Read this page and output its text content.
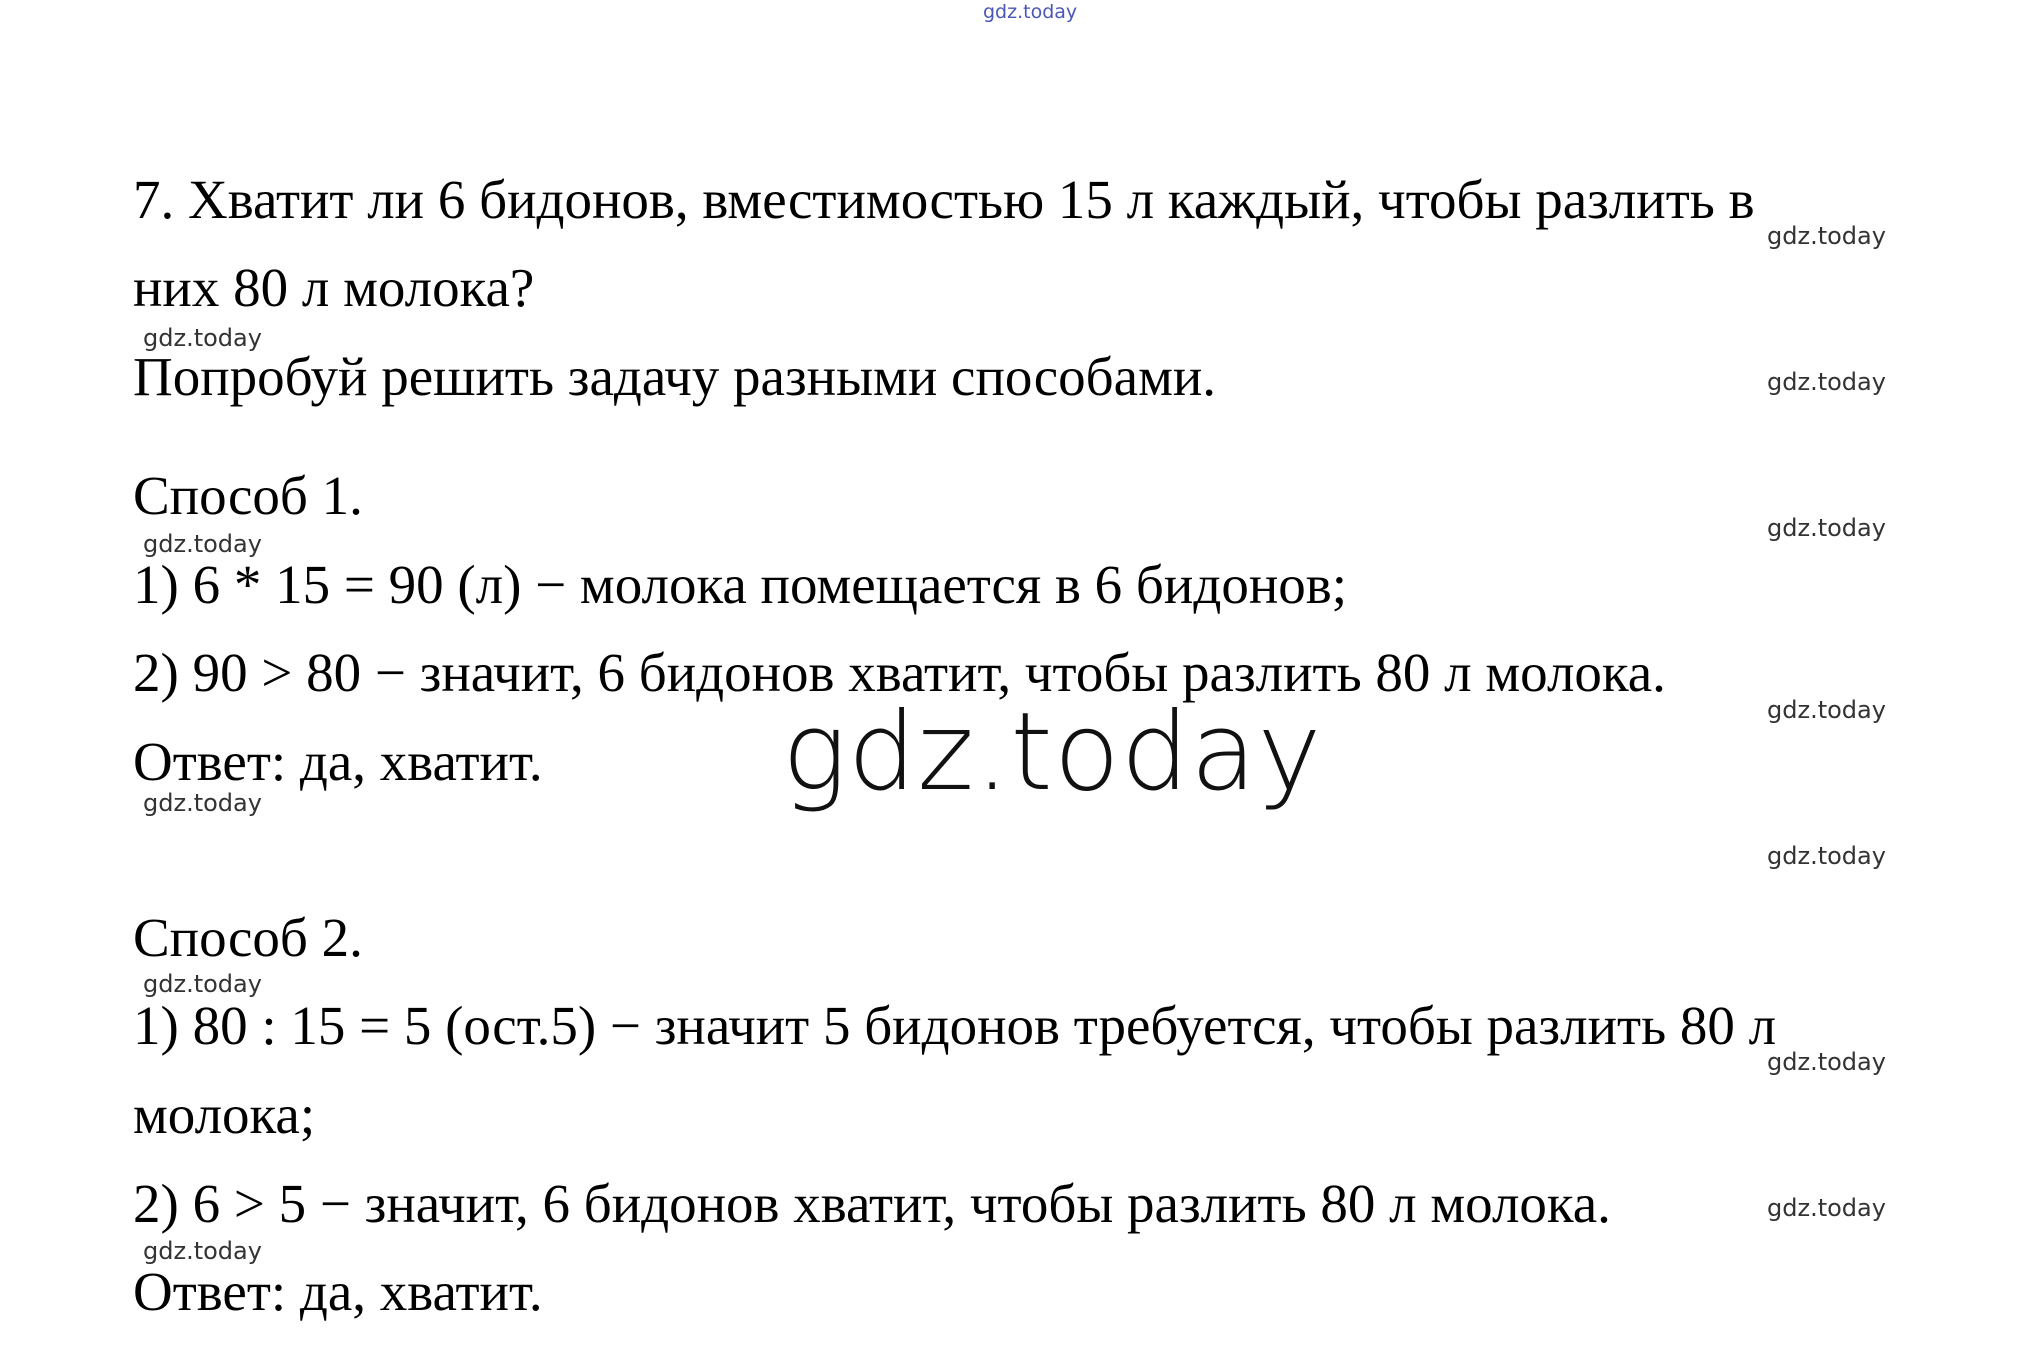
gdz.today
7. Хватит ли 6 бидонов, вместимостью 15 л каждый, чтобы разлить в
них 80 л молока?
Попробуй решить задачу разными способами.
Способ 1.
1) 6 * 15 = 90 (л) − молока помещается в 6 бидонов;
2) 90 > 80 − значит, 6 бидонов хватит, чтобы разлить 80 л молока.
Ответ: да, хватит. gdz.today
Способ 2.
1) 80 : 15 = 5 (ост.5) − значит 5 бидонов требуется, чтобы разлить 80 л
молока;
2) 6 > 5 − значит, 6 бидонов хватит, чтобы разлить 80 л молока.
Ответ: да, хватит.
gdz.today
gdz.today
gdz.today
gdz.today
gdz.today
gdz.today
gdz.today
gdz.today
gdz.today
gdz.today
gdz.today
gdz.today
